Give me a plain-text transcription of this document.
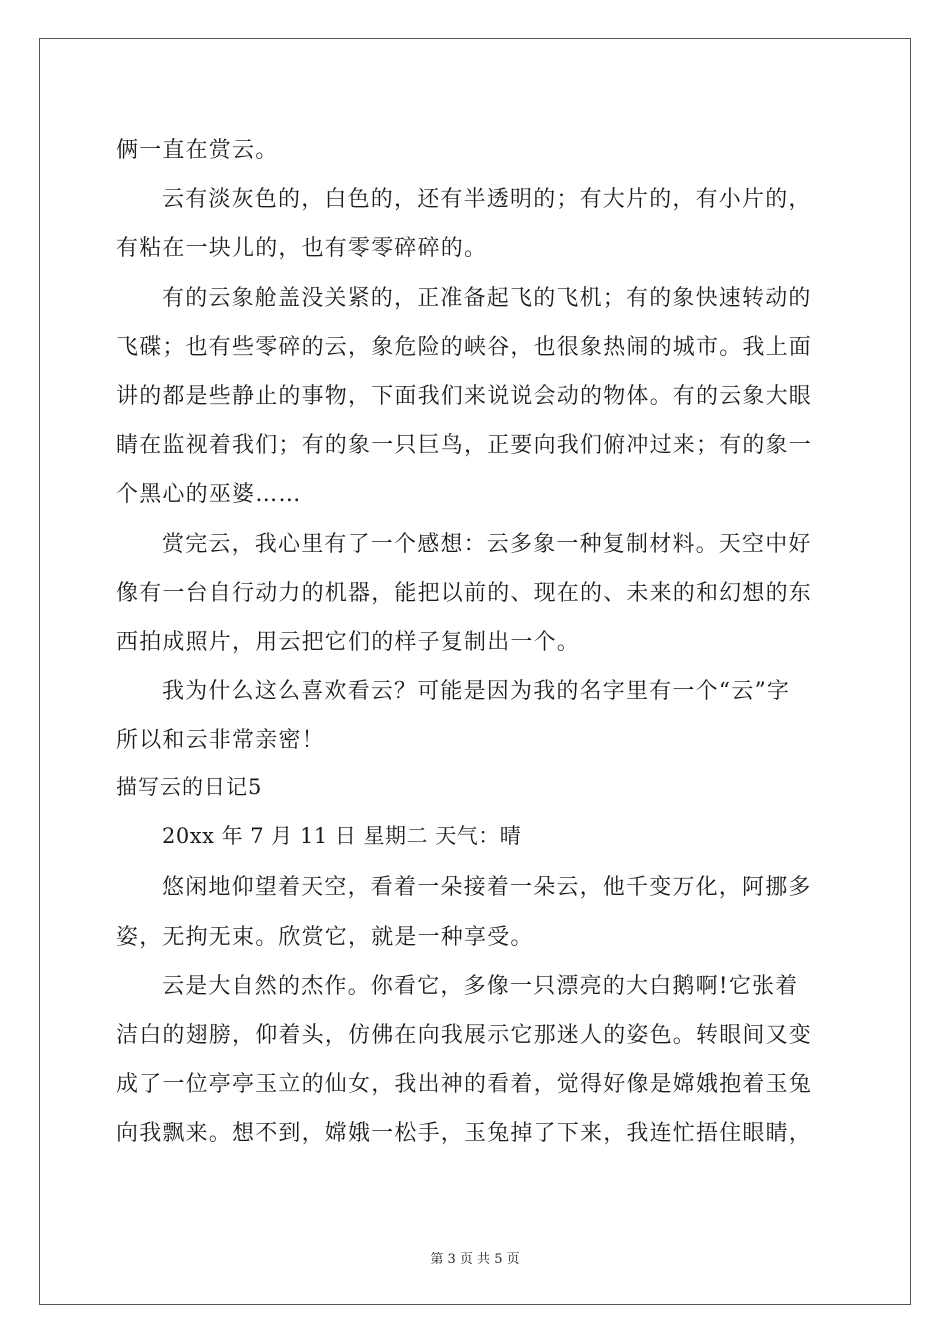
俩一直在赏云。
云有淡灰色的，白色的，还有半透明的；有大片的，有小片的，
有粘在一块儿的，也有零零碎碎的。
有的云象舱盖没关紧的，正准备起飞的飞机；有的象快速转动的
飞碟；也有些零碎的云，象危险的峡谷，也很象热闹的城市。我上面
讲的都是些静止的事物，下面我们来说说会动的物体。有的云象大眼
睛在监视着我们；有的象一只巨鸟，正要向我们俯冲过来；有的象一
个黑心的巫婆……
赏完云，我心里有了一个感想：云多象一种复制材料。天空中好
像有一台自行动力的机器，能把以前的、现在的、未来的和幻想的东
西拍成照片，用云把它们的样子复制出一个。
我为什么这么喜欢看云？可能是因为我的名字里有一个“云”字
所以和云非常亲密！
描写云的日记5
20xx 年 7 月 11 日 星期二 天气：晴
悠闲地仰望着天空，看着一朵接着一朵云，他千变万化，阿挪多
姿，无拘无束。欣赏它，就是一种享受。
云是大自然的杰作。你看它，多像一只漂亮的大白鹅啊!它张着
洁白的翅膀，仰着头，仿佛在向我展示它那迷人的姿色。转眼间又变
成了一位亭亭玉立的仙女，我出神的看着，觉得好像是嫦娥抱着玉兔
向我飘来。想不到，嫦娥一松手，玉兔掉了下来，我连忙捂住眼睛，
第 3 页 共 5 页
